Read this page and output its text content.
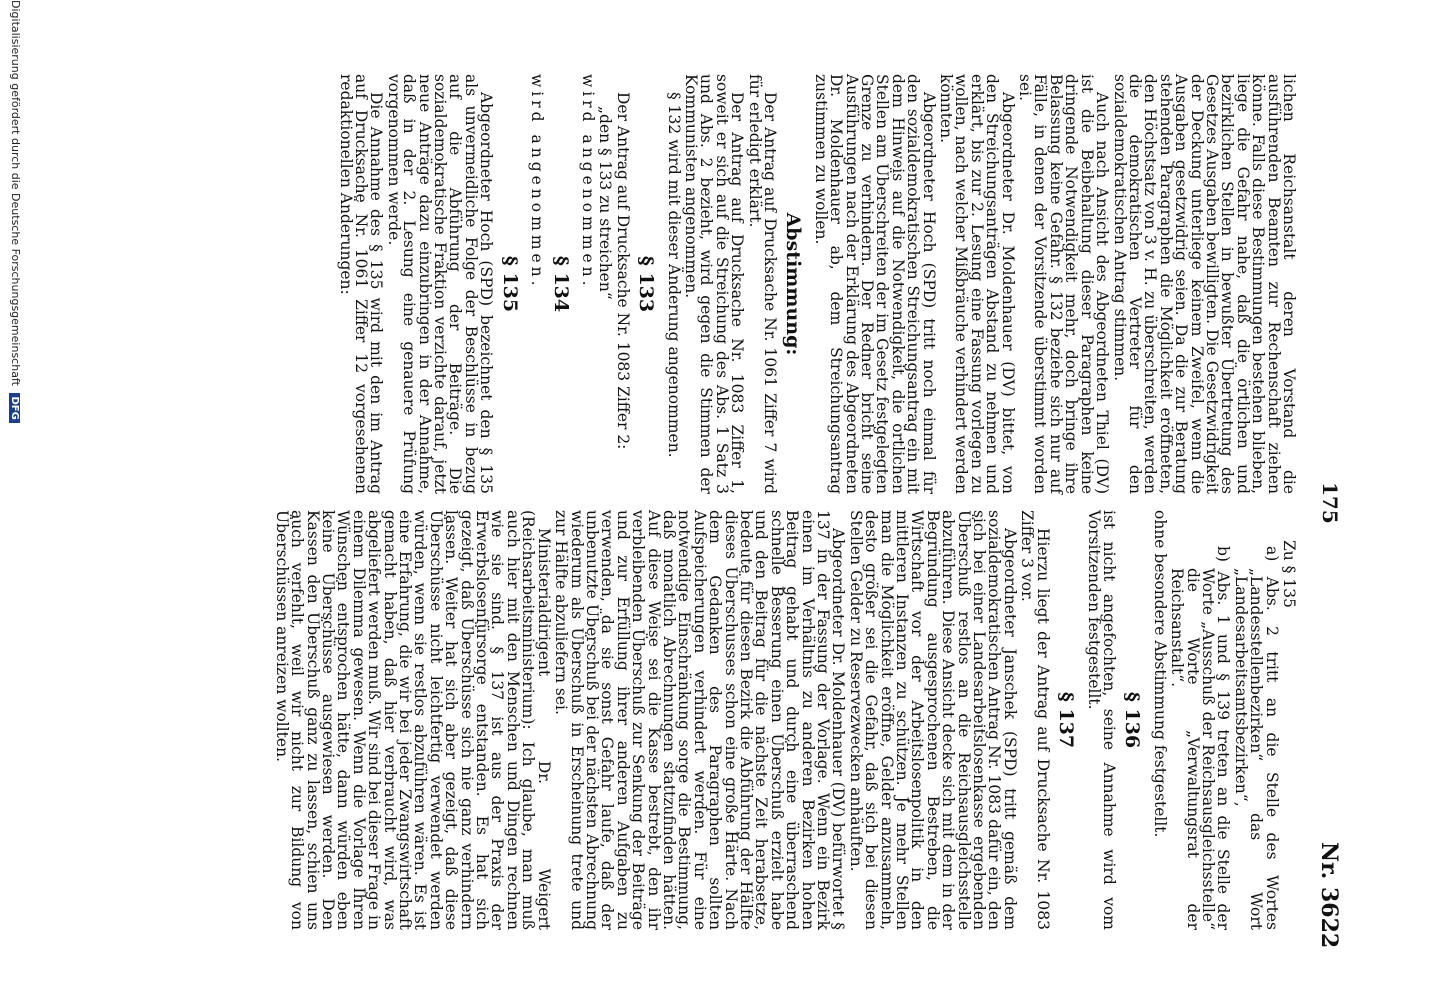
175
Nr. 3622

lichen Reichsanstalt deren Vorstand die ausführenden Beamten zur Rechenschaft ziehen könne. Falls diese Bestimmungen bestehen blieben, liege die Gefahr nahe, daß die örtlichen und bezirklichen Stellen in bewußter Übertretung des Gesetzes Ausgaben bewilligten. Die Gesetzwidrigkeit der Deckung unterliege keinem Zweifel, wenn die Ausgaben gesetzwidrig seien. Da die zur Beratung stehenden Paragraphen die Möglichkeit eröffneten, den Höchstsatz von 3 v. H. zu überschreiten, werden die demokratischen Vertreter für den sozialdemokratischen Antrag stimmen.

Auch nach Ansicht des Abgeordneten Thiel (DV) ist die Beibehaltung dieser Paragraphen keine dringende Notwendigkeit mehr, doch bringe ihre Belassung keine Gefahr. § 132 beziehe sich nur auf Fälle, in denen der Vorsitzende überstimmt worden sei.

Abgeordneter Dr. Moldenhauer (DV) bittet, von den Streichungsanträgen Abstand zu nehmen und erklärt, bis zur 2. Lesung eine Fassung vorlegen zu wollen, nach welcher Mißbräuche verhindert werden könnten.

Abgeordneter Hoch (SPD) tritt noch einmal für den sozialdemokratischen Streichungsantrag ein mit dem Hinweis auf die Notwendigkeit, die örtlichen Stellen am Überschreiten der im Gesetz festgelegten Grenze zu verhindern. Der Redner bricht seine Ausführungen nach der Erklärung des Abgeordneten Dr. Moldenhauer ab, dem Streichungsantrag zustimmen zu wollen.

Abstimmung:

Der Antrag auf Drucksache Nr. 1061 Ziffer 7 wird für erledigt erklärt.

Der Antrag auf Drucksache Nr. 1083 Ziffer 1, soweit er sich auf die Streichung des Abs. 1 Satz 3 und Abs. 2 bezieht, wird gegen die Stimmen der Kommunisten angenommen.

§ 132 wird mit dieser Änderung angenommen.

§ 133

Der Antrag auf Drucksache Nr. 1083 Ziffer 2:

„den § 133 zu streichen“

wird angenommen.

§ 134

wird angenommen.

§ 135

Abgeordneter Hoch (SPD) bezeichnet den § 135 als unvermeidliche Folge der Beschlüsse in bezug auf die Abführung der Beiträge. Die sozialdemokratische Fraktion verzichte darauf, jetzt neue Anträge dazu einzubringen in der Annahme, daß in der 2. Lesung eine genauere Prüfung vorgenommen werde.

Die Annahme des § 135 wird mit den im Antrag auf Drucksache Nr. 1061 Ziffer 12 vorgesehenen redaktionellen Änderungen:

Zu § 135

a) Abs. 2 tritt an die Stelle des Wortes „Landesstellenbezirken“ das Wort „Landesarbeitsamtsbezirken“,

b) Abs. 1 und § 139 treten an die Stelle der Worte „Ausschuß der Reichsausgleichsstelle“ die Worte „Verwaltungsrat der Reichsanstalt“.

ohne besondere Abstimmung festgestellt.

§ 136

ist nicht angefochten, seine Annahme wird vom Vorsitzenden festgestellt.

§ 137

Hierzu liegt der Antrag auf Drucksache Nr. 1083 Ziffer 3 vor.

Abgeordneter Janschek (SPD) tritt gemäß dem sozialdemokratischen Antrag Nr. 1083 dafür ein, den sich bei einer Landesarbeitslosenkasse ergebenden Überschuß restlos an die Reichsausgleichsstelle abzuführen. Diese Ansicht decke sich mit dem in der Begründung ausgesprochenen Bestreben, die Wirtschaft vor der Arbeitslosenpolitik in den mittleren Instanzen zu schützen. Je mehr Stellen man die Möglichkeit eröffne, Gelder anzusammeln, desto größer sei die Gefahr, daß sich bei diesen Stellen Gelder zu Reservezwecken anhäuften.

Abgeordneter Dr. Moldenhauer (DV) befürwortet § 137 in der Fassung der Vorlage. Wenn ein Bezirk einen im Verhältnis zu anderen Bezirken hohen Beitrag gehabt und durch eine überraschend schnelle Besserung einen Überschuß erzielt habe und den Beitrag für die nächste Zeit herabsetze, bedeute für diesen Bezirk die Abführung der Hälfte dieses Überschusses schon eine große Härte. Nach dem Gedanken des Paragraphen sollten Aufspeicherungen verhindert werden. Für eine notwendige Einschränkung sorge die Bestimmung, daß monatlich Abrechnungen stattzufinden hätten. Auf diese Weise sei die Kasse bestrebt, den ihr verbleibenden Überschuß zur Senkung der Beiträge und zur Erfüllung ihrer anderen Aufgaben zu verwenden, da sie sonst Gefahr laufe, daß der unbenutzte Überschuß bei der nächsten Abrechnung wiederum als Überschuß in Erscheinung trete und zur Hälfte abzuliefern sei.

Ministerialdirigent Dr. Weigert (Reichsarbeitsministerium): Ich glaube, man muß auch hier mit den Menschen und Dingen rechnen wie sie sind. § 137 ist aus der Praxis der Erwerbslosenfürsorge entstanden. Es hat sich gezeigt, daß Überschüsse sich nie ganz verhindern lassen. Weiter hat sich aber gezeigt, daß diese Überschüsse nicht leichtfertig verwendet werden würden, wenn sie restlos abzuführen wären. Es ist eine Erfahrung, die wir bei jeder Zwangswirtschaft gemacht haben, daß hier verbraucht wird, was abgeliefert werden muß. Wir sind bei dieser Frage in einem Dilemma gewesen. Wenn die Vorlage Ihren Wünschen entsprochen hätte, dann würden eben keine Überschüsse ausgewiesen werden. Den Kassen den Überschuß ganz zu lassen, schien uns auch verfehlt, weil wir nicht zur Bildung von Überschüssen anreizen wollten.

Digitalisierung gefördert durch die Deutsche Forschungsgemeinschaft DFG
